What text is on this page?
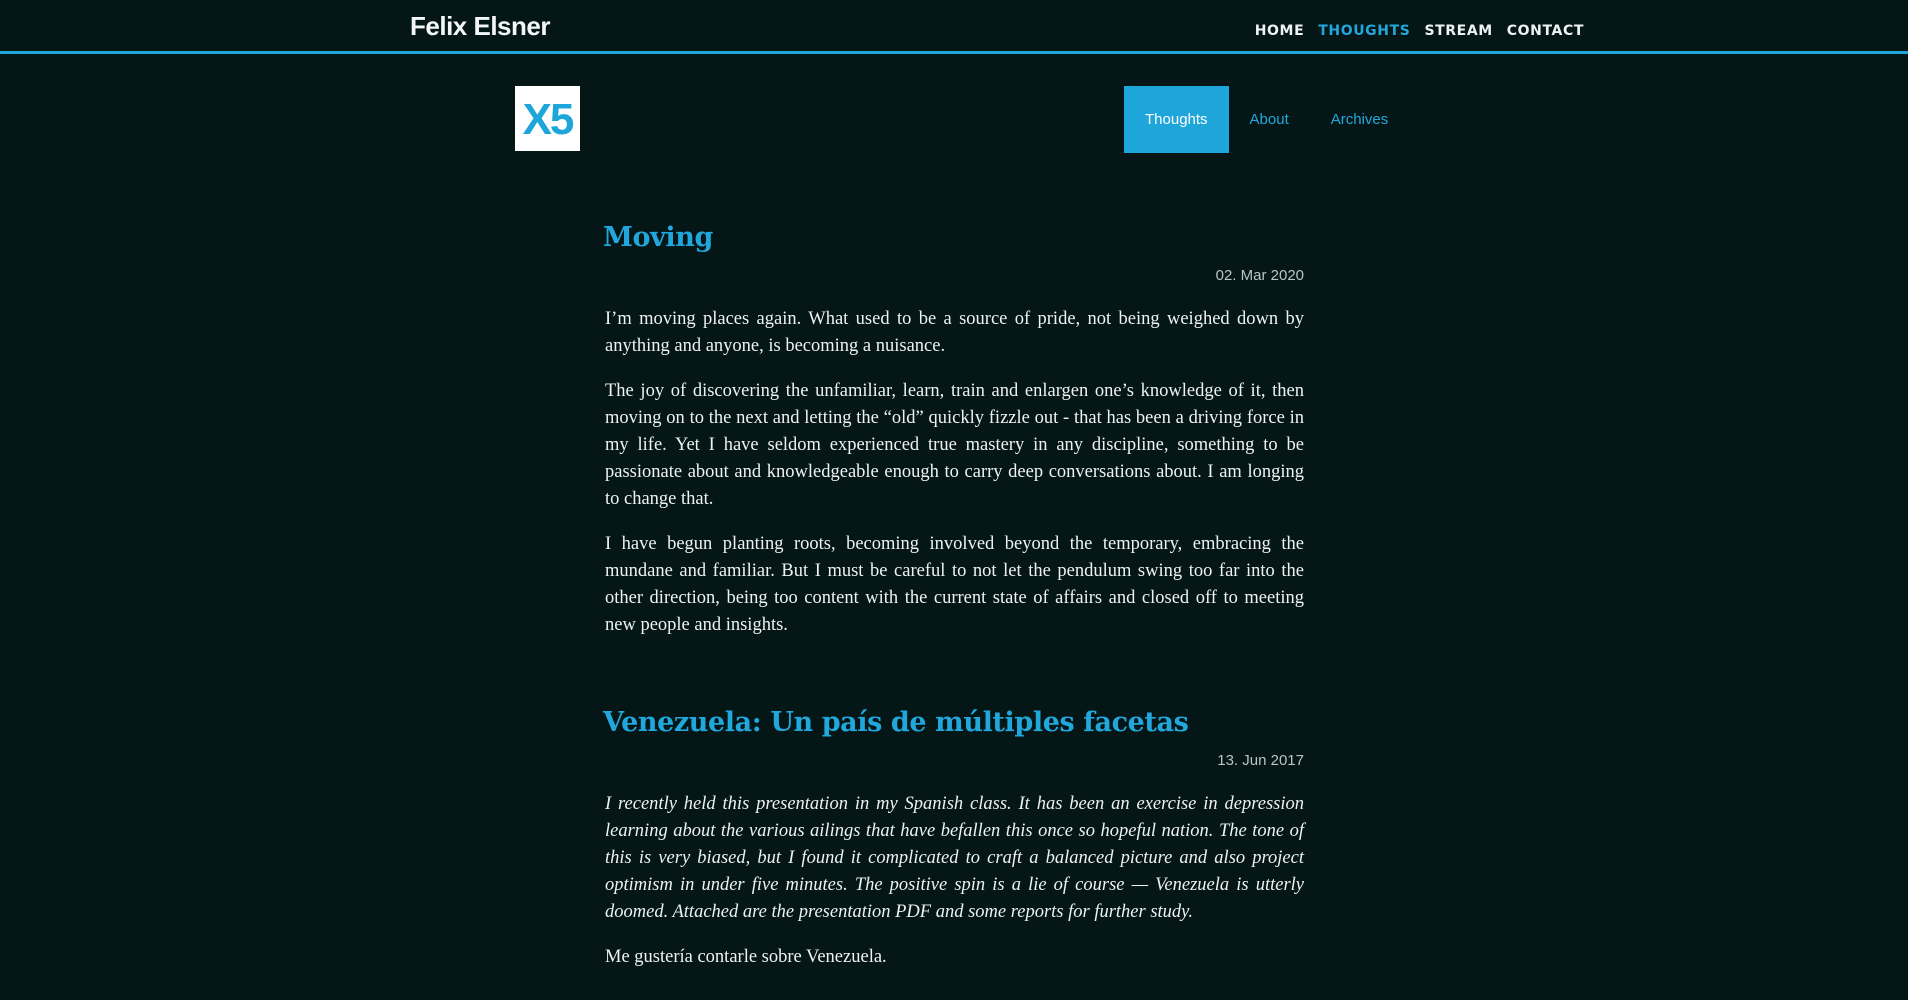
Felix Elsner	HOME THOUGHTS STREAM CONTACT
X5	Thoughts	About	Archives
Moving
02. Mar 2020

I’m moving places again. What used to be a source of pride, not being weighed down by anything and anyone, is becoming a nuisance.

The joy of discovering the unfamiliar, learn, train and enlargen one’s knowledge of it, then moving on to the next and letting the “old” quickly fizzle out - that has been a driving force in my life. Yet I have seldom experienced true mastery in any discipline, something to be passionate about and knowledgeable enough to carry deep conversations about. I am longing to change that.

I have begun planting roots, becoming involved beyond the temporary, embracing the mundane and familiar. But I must be careful to not let the pendulum swing too far into the other direction, being too content with the current state of affairs and closed off to meeting new people and insights.

Venezuela: Un país de múltiples facetas
13. Jun 2017

I recently held this presentation in my Spanish class. It has been an exercise in depression learning about the various ailings that have befallen this once so hopeful nation. The tone of this is very biased, but I found it complicated to craft a balanced picture and also project optimism in under five minutes. The positive spin is a lie of course — Venezuela is utterly doomed. Attached are the presentation PDF and some reports for further study.

Me gustería contarle sobre Venezuela.
